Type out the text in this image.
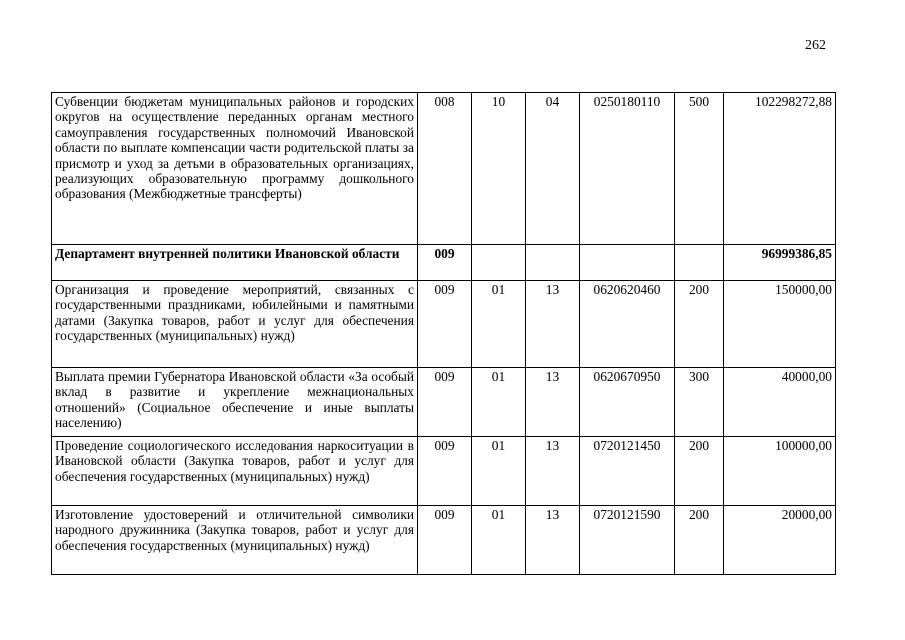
262
Субвенции бюджетам муниципальных районов и городских округов на осуществление переданных органам местного самоуправления государственных полномочий Ивановской области по выплате компенсации части родительской платы за присмотр и уход за детьми в образовательных организациях, реализующих образовательную программу дошкольного образования (Межбюджетные трансферты)	008	10	04	0250180110	500	102298272,88
Департамент внутренней политики Ивановской области	009					96999386,85
Организация и проведение мероприятий, связанных с государственными праздниками, юбилейными и памятными датами (Закупка товаров, работ и услуг для обеспечения государственных (муниципальных) нужд)	009	01	13	0620620460	200	150000,00
Выплата премии Губернатора Ивановской области «За особый вклад в развитие и укрепление межнациональных отношений» (Социальное обеспечение и иные выплаты населению)	009	01	13	0620670950	300	40000,00
Проведение социологического исследования наркоситуации в Ивановской области (Закупка товаров, работ и услуг для обеспечения государственных (муниципальных) нужд)	009	01	13	0720121450	200	100000,00
Изготовление удостоверений и отличительной символики народного дружинника (Закупка товаров, работ и услуг для обеспечения государственных (муниципальных) нужд)	009	01	13	0720121590	200	20000,00
